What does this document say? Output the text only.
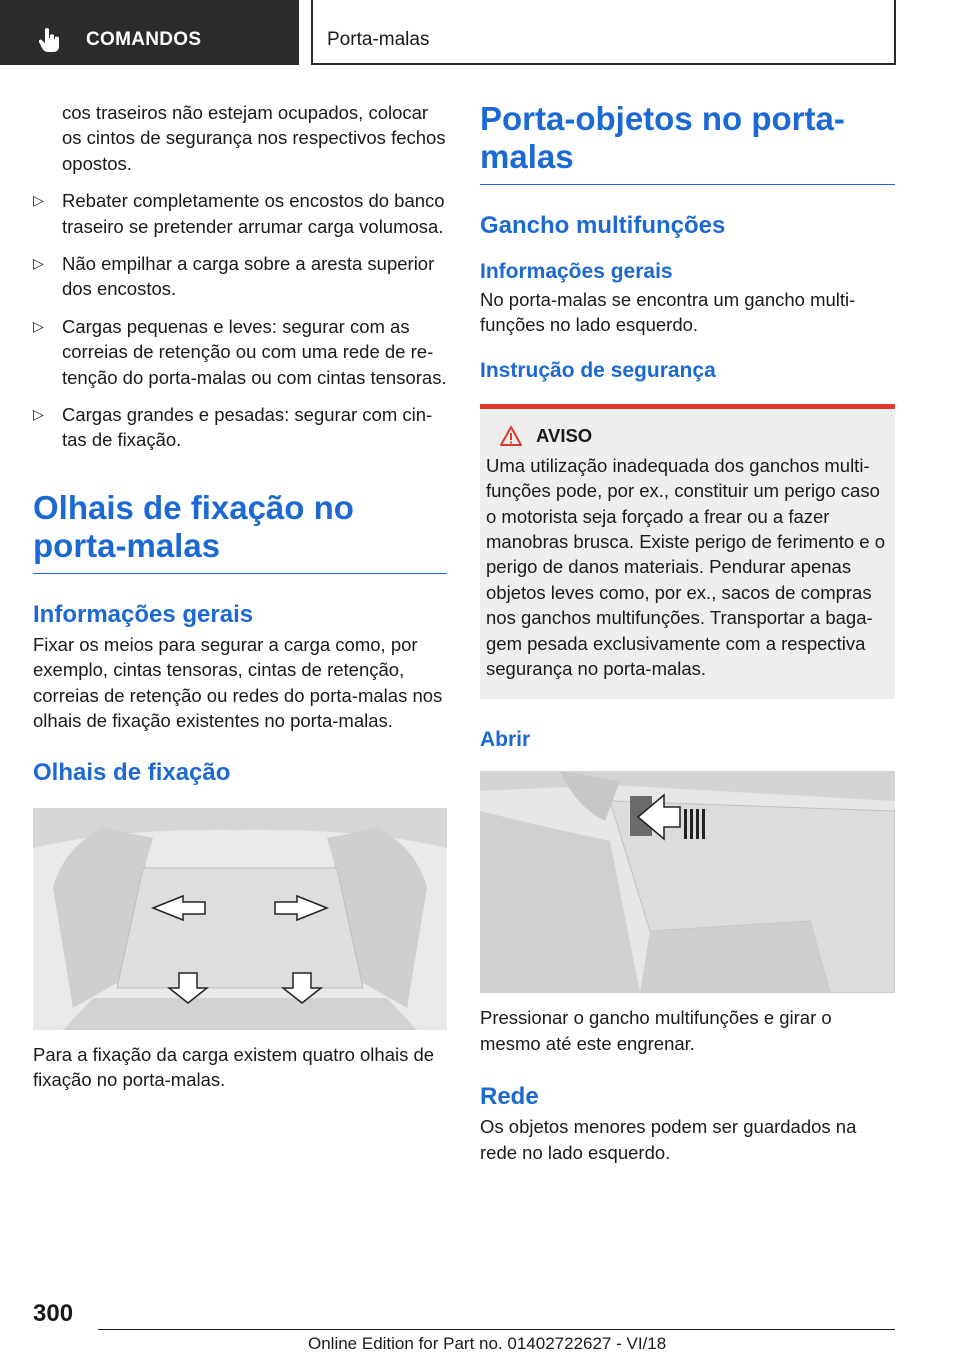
COMANDOS	Porta-malas

cos traseiros não estejam ocupados, colocar os cintos de segurança nos respectivos fechos opostos.

▷ Rebater completamente os encostos do banco traseiro se pretender arrumar carga volumosa.
▷ Não empilhar a carga sobre a aresta superior dos encostos.
▷ Cargas pequenas e leves: segurar com as correias de retenção ou com uma rede de retenção do porta-malas ou com cintas tensoras.
▷ Cargas grandes e pesadas: segurar com cintas de fixação.
Olhais de fixação no porta-malas
Informações gerais

Fixar os meios para segurar a carga como, por exemplo, cintas tensoras, cintas de retenção, correias de retenção ou redes do porta-malas nos olhais de fixação existentes no porta-malas.

Olhais de fixação

Para a fixação da carga existem quatro olhais de fixação no porta-malas.

Porta-objetos no porta-malas
Gancho multifunções
Informações gerais

No porta-malas se encontra um gancho multifunções no lado esquerdo.

Instrução de segurança
AVISO

Uma utilização inadequada dos ganchos multifunções pode, por ex., constituir um perigo caso o motorista seja forçado a frear ou a fazer manobras brusca. Existe perigo de ferimento e o perigo de danos materiais. Pendurar apenas objetos leves como, por ex., sacos de compras nos ganchos multifunções. Transportar a bagagem pesada exclusivamente com a respectiva segurança no porta-malas.

Abrir

Pressionar o gancho multifunções e girar o mesmo até este engrenar.

Rede

Os objetos menores podem ser guardados na rede no lado esquerdo.

300
Online Edition for Part no. 01402722627 - VI/18
